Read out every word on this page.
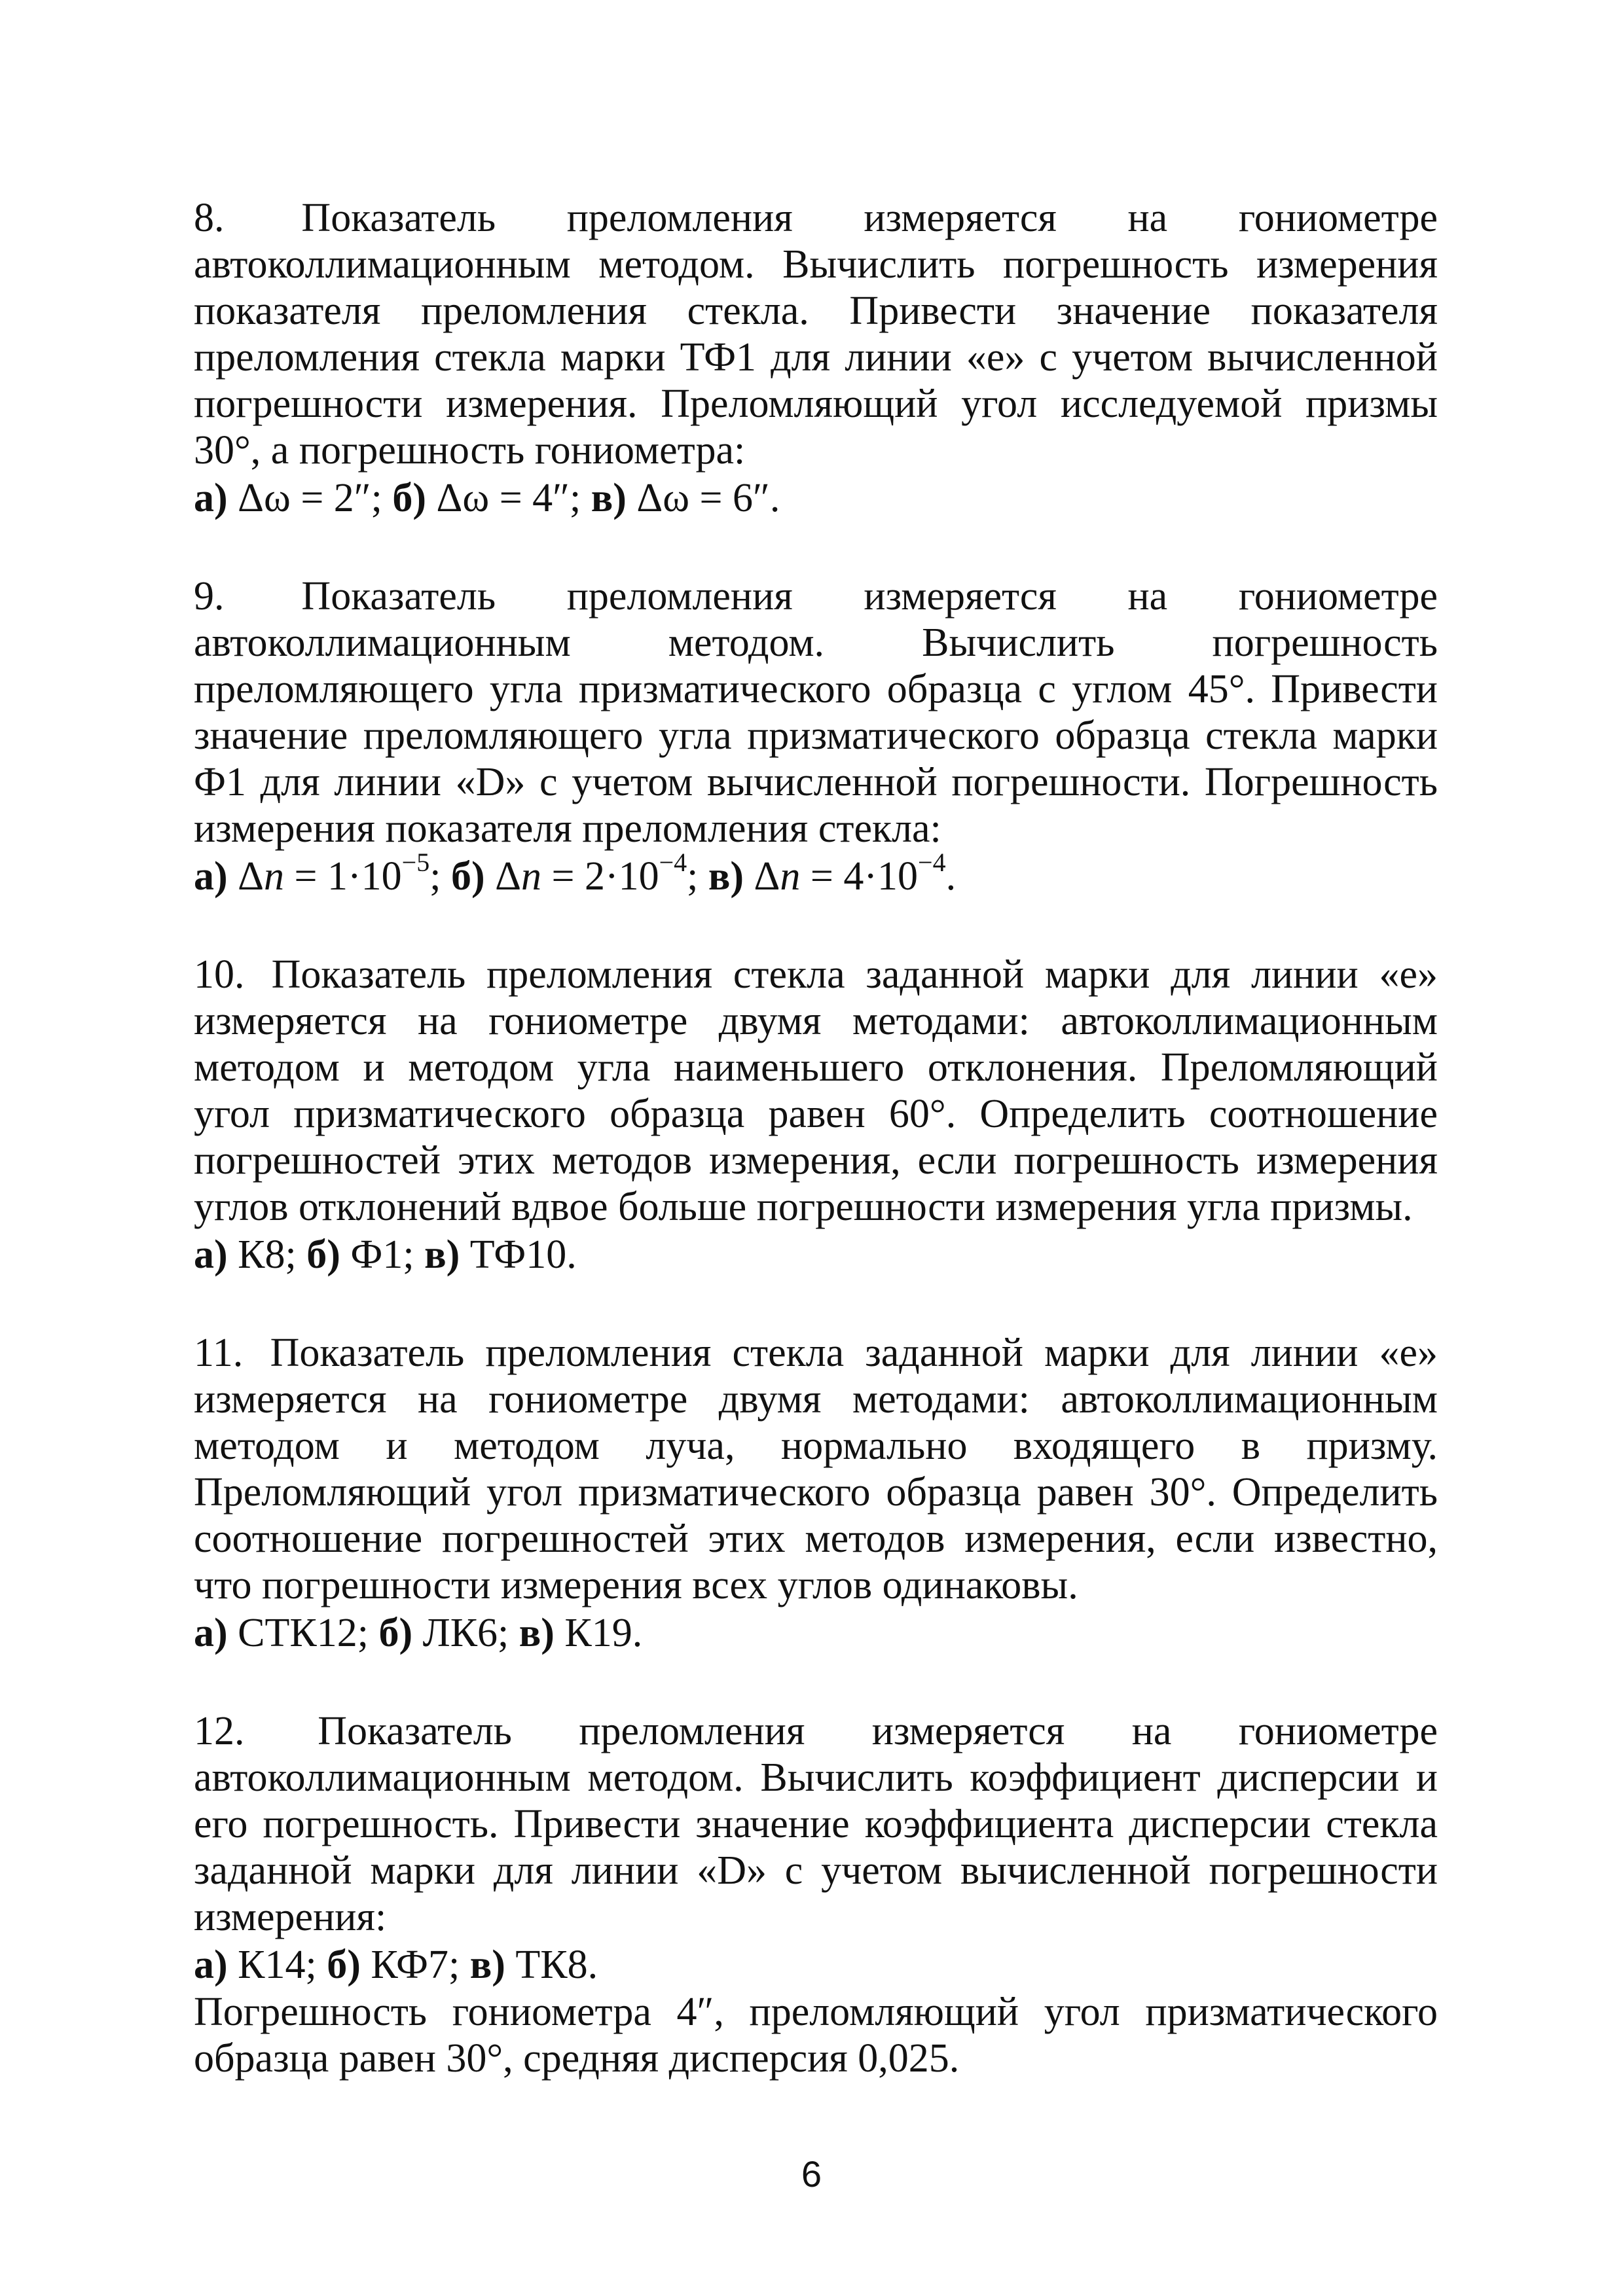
8. Показатель преломления измеряется на гониометре автоколлимационным методом. Вычислить погрешность измерения показателя преломления стекла. Привести значение показателя преломления стекла марки ТФ1 для линии «e» с учетом вычисленной погрешности измерения. Преломляющий угол исследуемой призмы 30°, а погрешность гониометра:

а) Δω = 2″; б) Δω = 4″; в) Δω = 6″.

9. Показатель преломления измеряется на гониометре автоколлимационным методом. Вычислить погрешность преломляющего угла призматического образца с углом 45°. Привести значение преломляющего угла призматического образца стекла марки Ф1 для линии «D» с учетом вычисленной погрешности. Погрешность измерения показателя преломления стекла:

а) $\Delta n = 1\cdot 10^{-5}$; б) $\Delta n = 2\cdot 10^{-4}$; в) $\Delta n = 4\cdot 10^{-4}$.

10. Показатель преломления стекла заданной марки для линии «e» измеряется на гониометре двумя методами: автоколлимационным методом и методом угла наименьшего отклонения. Преломляющий угол призматического образца равен 60°. Определить соотношение погрешностей этих методов измерения, если погрешность измерения углов отклонений вдвое больше погрешности измерения угла призмы.

а) К8; б) Ф1; в) ТФ10.

11. Показатель преломления стекла заданной марки для линии «e» измеряется на гониометре двумя методами: автоколлимационным методом и методом луча, нормально входящего в призму. Преломляющий угол призматического образца равен 30°. Определить соотношение погрешностей этих методов измерения, если известно, что погрешности измерения всех углов одинаковы.

а) СТК12; б) ЛК6; в) К19.

12. Показатель преломления измеряется на гониометре автоколлимационным методом. Вычислить коэффициент дисперсии и его погрешность. Привести значение коэффициента дисперсии стекла заданной марки для линии «D» с учетом вычисленной погрешности измерения:

а) К14; б) КФ7; в) ТК8.

Погрешность гониометра 4″, преломляющий угол призматического образца равен 30°, средняя дисперсия 0,025.

6
